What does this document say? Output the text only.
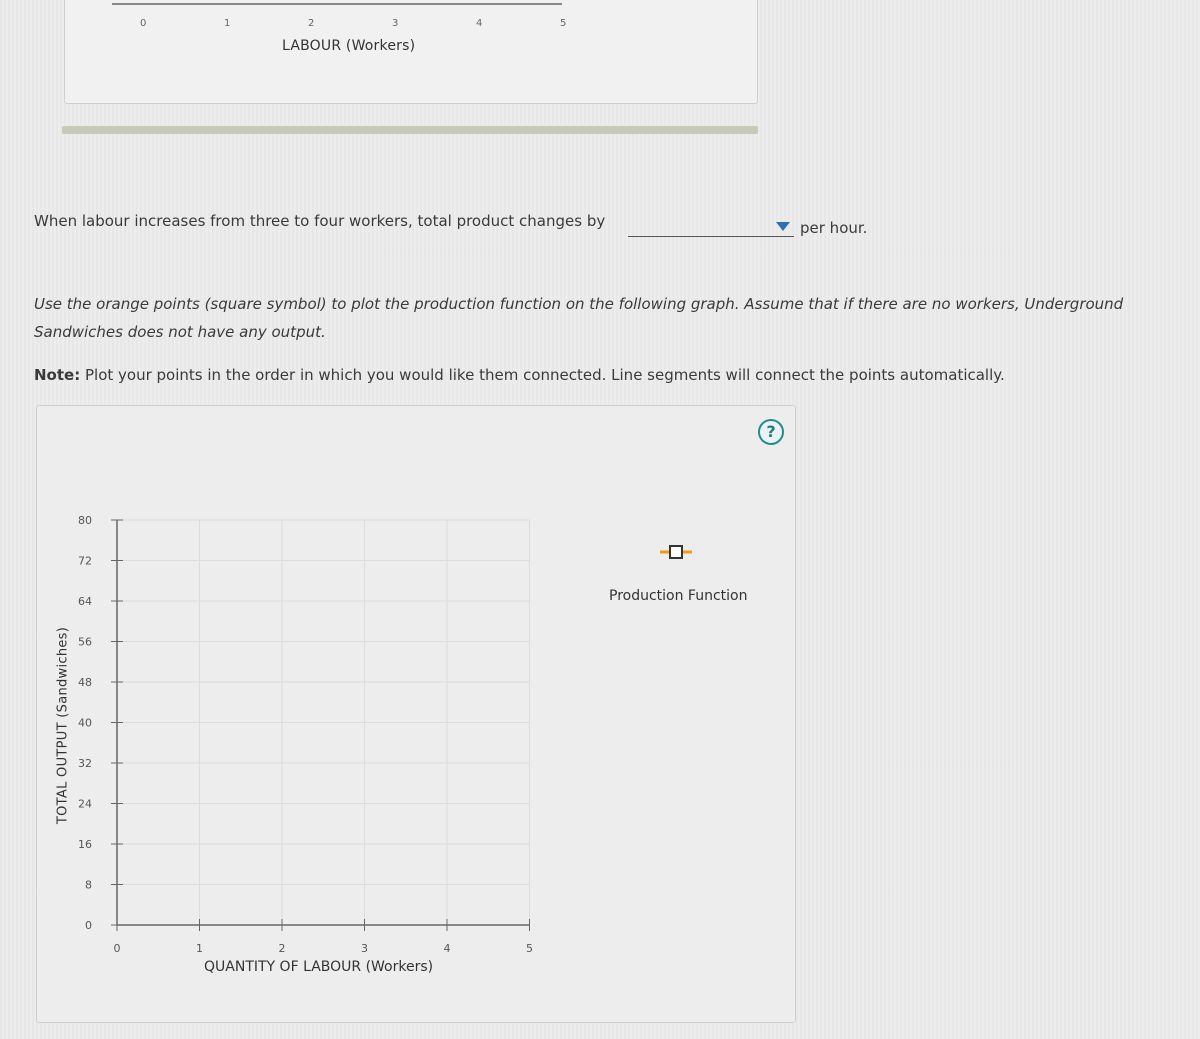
0	1	2	3	4	5
LABOUR (Workers)
When labour increases from three to four workers, total product changes by	per hour.
Use the orange points (square symbol) to plot the production function on the following graph. Assume that if there are no workers, Underground Sandwiches does not have any output.
Note: Plot your points in the order in which you would like them connected. Line segments will connect the points automatically.
?
0
8
16
24
32
40
48
56
64
72
80
0	1	2	3	4	5
TOTAL OUTPUT (Sandwiches)
QUANTITY OF LABOUR (Workers)
Production Function
